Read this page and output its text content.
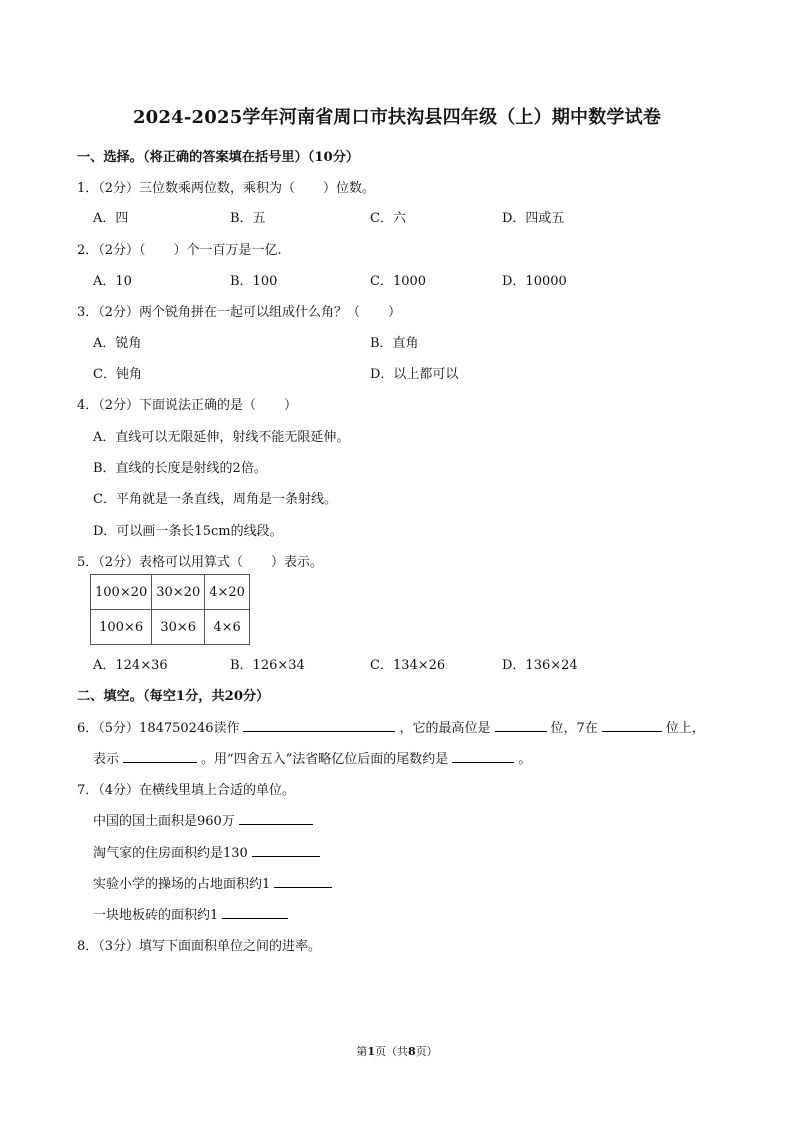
2024-2025学年河南省周口市扶沟县四年级（上）期中数学试卷
一、选择。（将正确的答案填在括号里）（10分）
1．（2分）三位数乘两位数，乘积为（ ）位数。
A．四	B．五	C．六	D．四或五
2．（2分）（ ）个一百万是一亿.
A．10	B．100	C．1000	D．10000
3．（2分）两个锐角拼在一起可以组成什么角？（ ）
A．锐角	B．直角
C．钝角	D．以上都可以
4．（2分）下面说法正确的是（ ）
A．直线可以无限延伸，射线不能无限延伸。
B．直线的长度是射线的2倍。
C．平角就是一条直线，周角是一条射线。
D．可以画一条长15cm的线段。
5．（2分）表格可以用算式（ ）表示。
100×20	30×20	4×20
100×6	30×6	4×6
A．124×36	B．126×34	C．134×26	D．136×24
二、填空。（每空1分，共20分）
6．（5分）184750246读作	，它的最高位是	位，7在	位上，
表示	。用“四舍五入”法省略亿位后面的尾数约是	。
7．（4分）在横线里填上合适的单位。
中国的国土面积是960万
淘气家的住房面积约是130
实验小学的操场的占地面积约1
一块地板砖的面积约1
8．（3分）填写下面面积单位之间的进率。
第1页（共8页）
